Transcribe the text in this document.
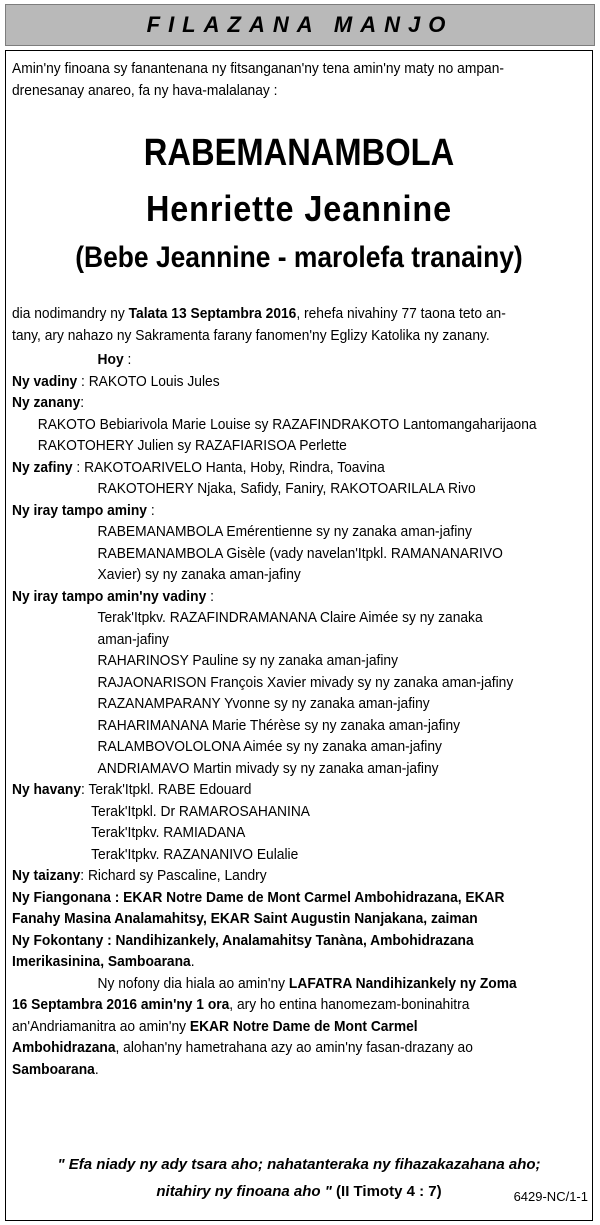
FILAZANA MANJO
Amin'ny finoana sy fanantenana ny fitsanganan'ny tena amin'ny maty no ampan-
drenesanay anareo, fa ny hava-malalanay :
RABEMANAMBOLA
Henriette Jeannine
(Bebe Jeannine - marolefa tranainy)
dia nodimandry ny Talata 13 Septambra 2016, rehefa nivahiny 77 taona teto an-
tany, ary nahazo ny Sakramenta farany fanomen'ny Eglizy Katolika ny zanany.
Hoy :
Ny vadiny : RAKOTO Louis Jules
Ny zanany:
RAKOTO Bebiarivola Marie Louise sy RAZAFINDRAKOTO Lantomangaharijaona
RAKOTOHERY Julien sy RAZAFIARISOA Perlette
Ny zafiny : RAKOTOARIVELO Hanta, Hoby, Rindra, Toavina
RAKOTOHERY Njaka, Safidy, Faniry, RAKOTOARILALA Rivo
Ny iray tampo aminy :
RABEMANAMBOLA Emérentienne sy ny zanaka aman-jafiny
RABEMANAMBOLA Gisèle (vady navelan'Itpkl. RAMANANARIVO
Xavier) sy ny zanaka aman-jafiny
Ny iray tampo amin'ny vadiny :
Terak'Itpkv. RAZAFINDRAMANANA Claire Aimée sy ny zanaka
aman-jafiny
RAHARINOSY Pauline sy ny zanaka aman-jafiny
RAJAONARISON François Xavier mivady sy ny zanaka aman-jafiny
RAZANAMPARANY Yvonne sy ny zanaka aman-jafiny
RAHARIMANANA Marie Thérèse sy ny zanaka aman-jafiny
RALAMBOVOLOLONA Aimée sy ny zanaka aman-jafiny
ANDRIAMAVO Martin mivady sy ny zanaka aman-jafiny
Ny havany: Terak'Itpkl. RABE Edouard
Terak'Itpkl. Dr RAMAROSAHANINA
Terak'Itpkv. RAMIADANA
Terak'Itpkv. RAZANANIVO Eulalie
Ny taizany: Richard sy Pascaline, Landry
Ny Fiangonana : EKAR Notre Dame de Mont Carmel Ambohidrazana, EKAR
Fanahy Masina Analamahitsy, EKAR Saint Augustin Nanjakana, zaiman
Ny Fokontany : Nandihizankely, Analamahitsy Tanàna, Ambohidrazana
Imerikasinina, Samboarana.
Ny nofony dia hiala ao amin'ny LAFATRA Nandihizankely ny Zoma
16 Septambra 2016 amin'ny 1 ora, ary ho entina hanomezam-boninahitra
an'Andriamanitra ao amin'ny EKAR Notre Dame de Mont Carmel
Ambohidrazana, alohan'ny hametrahana azy ao amin'ny fasan-drazany ao
Samboarana.
" Efa niady ny ady tsara aho; nahatanteraka ny fihazakazahana aho;
nitahiry ny finoana aho " (II Timoty 4 : 7)	6429-NC/1-1
